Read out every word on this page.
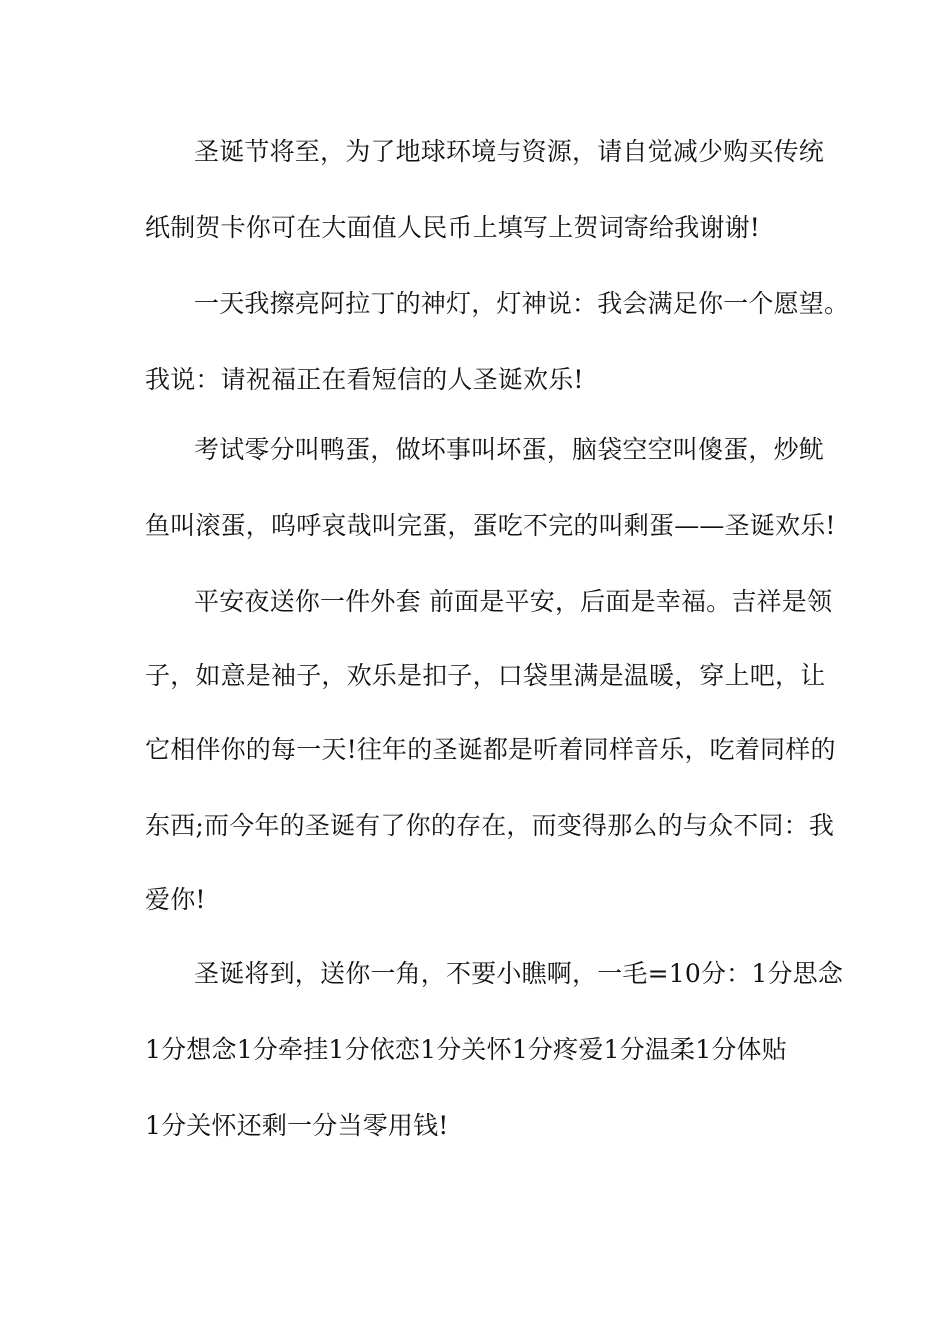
圣诞节将至，为了地球环境与资源，请自觉减少购买传统
纸制贺卡你可在大面值人民币上填写上贺词寄给我谢谢!
一天我擦亮阿拉丁的神灯，灯神说：我会满足你一个愿望。
我说：请祝福正在看短信的人圣诞欢乐!
考试零分叫鸭蛋，做坏事叫坏蛋，脑袋空空叫傻蛋，炒鱿
鱼叫滚蛋，呜呼哀哉叫完蛋，蛋吃不完的叫剩蛋——圣诞欢乐!
平安夜送你一件外套 前面是平安，后面是幸福。吉祥是领
子，如意是袖子，欢乐是扣子，口袋里满是温暖，穿上吧，让
它相伴你的每一天!往年的圣诞都是听着同样音乐，吃着同样的
东西;而今年的圣诞有了你的存在，而变得那么的与众不同：我
爱你!
圣诞将到，送你一角，不要小瞧啊，一毛=10分：1分思念
1分想念1分牵挂1分依恋1分关怀1分疼爱1分温柔1分体贴
1分关怀还剩一分当零用钱!
